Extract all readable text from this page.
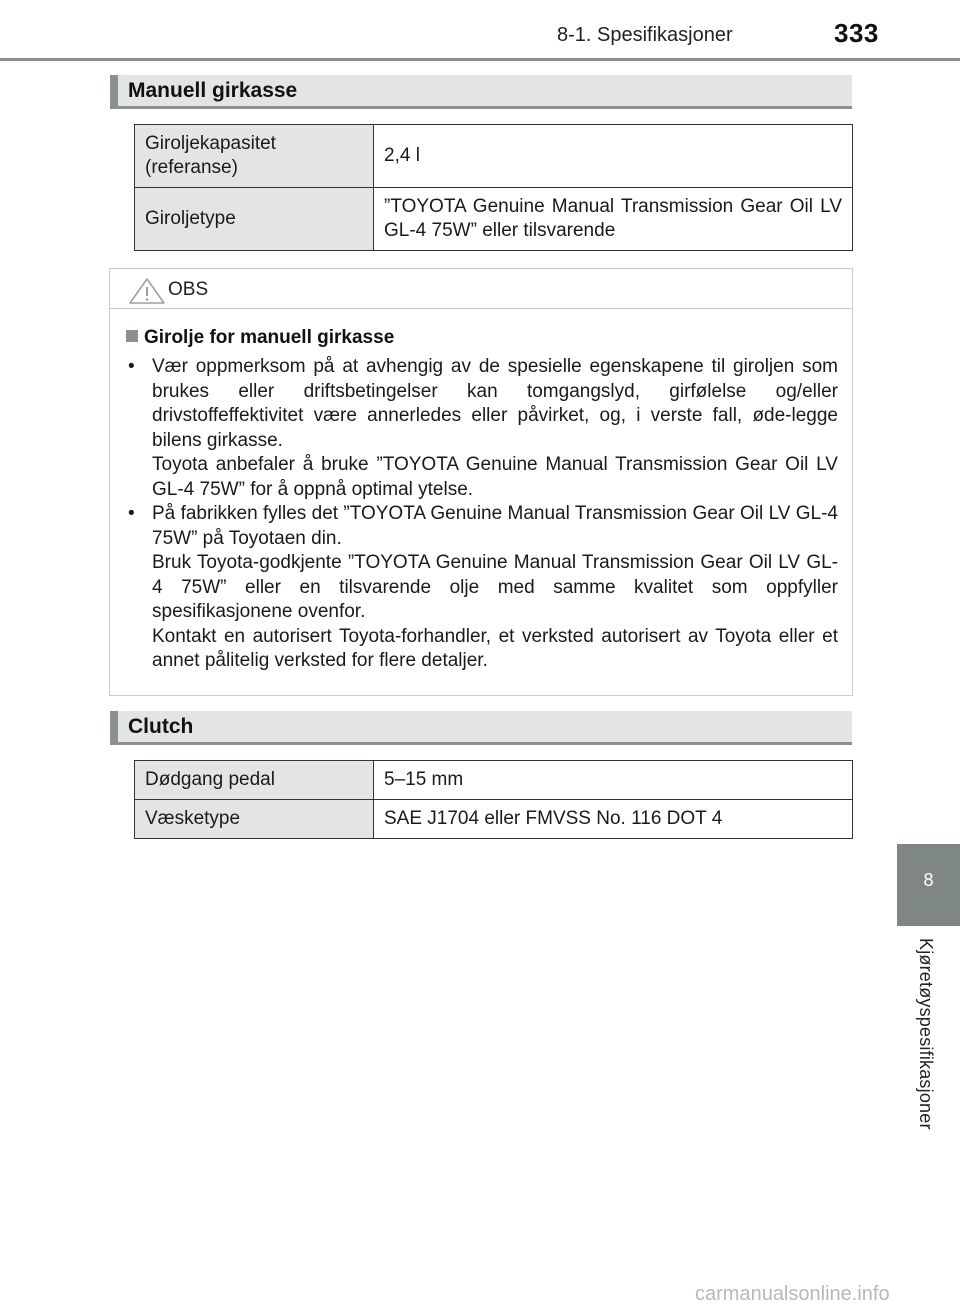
8-1. Spesifikasjoner	333
Manuell girkasse
Giroljekapasitet
(referanse)	2,4 l
Giroljetype	”TOYOTA Genuine Manual Transmission Gear Oil LV GL-4 75W” eller tilsvarende
OBS
Girolje for manuell girkasse
• Vær oppmerksom på at avhengig av de spesielle egenskapene til giroljen som brukes eller driftsbetingelser kan tomgangslyd, girfølelse og/eller drivstoffeffektivitet være annerledes eller påvirket, og, i verste fall, øde-legge bilens girkasse.

Toyota anbefaler å bruke ”TOYOTA Genuine Manual Transmission Gear Oil LV GL-4 75W” for å oppnå optimal ytelse.

• På fabrikken fylles det ”TOYOTA Genuine Manual Transmission Gear Oil LV GL-4 75W” på Toyotaen din.

Bruk Toyota-godkjente ”TOYOTA Genuine Manual Transmission Gear Oil LV GL-4 75W” eller en tilsvarende olje med samme kvalitet som oppfyller spesifikasjonene ovenfor.

Kontakt en autorisert Toyota-forhandler, et verksted autorisert av Toyota eller et annet pålitelig verksted for flere detaljer.

Clutch
Dødgang pedal	5–15 mm
Væsketype	SAE J1704 eller FMVSS No. 116 DOT 4
8
Kjøretøyspesifikasjoner
carmanualsonline.info
